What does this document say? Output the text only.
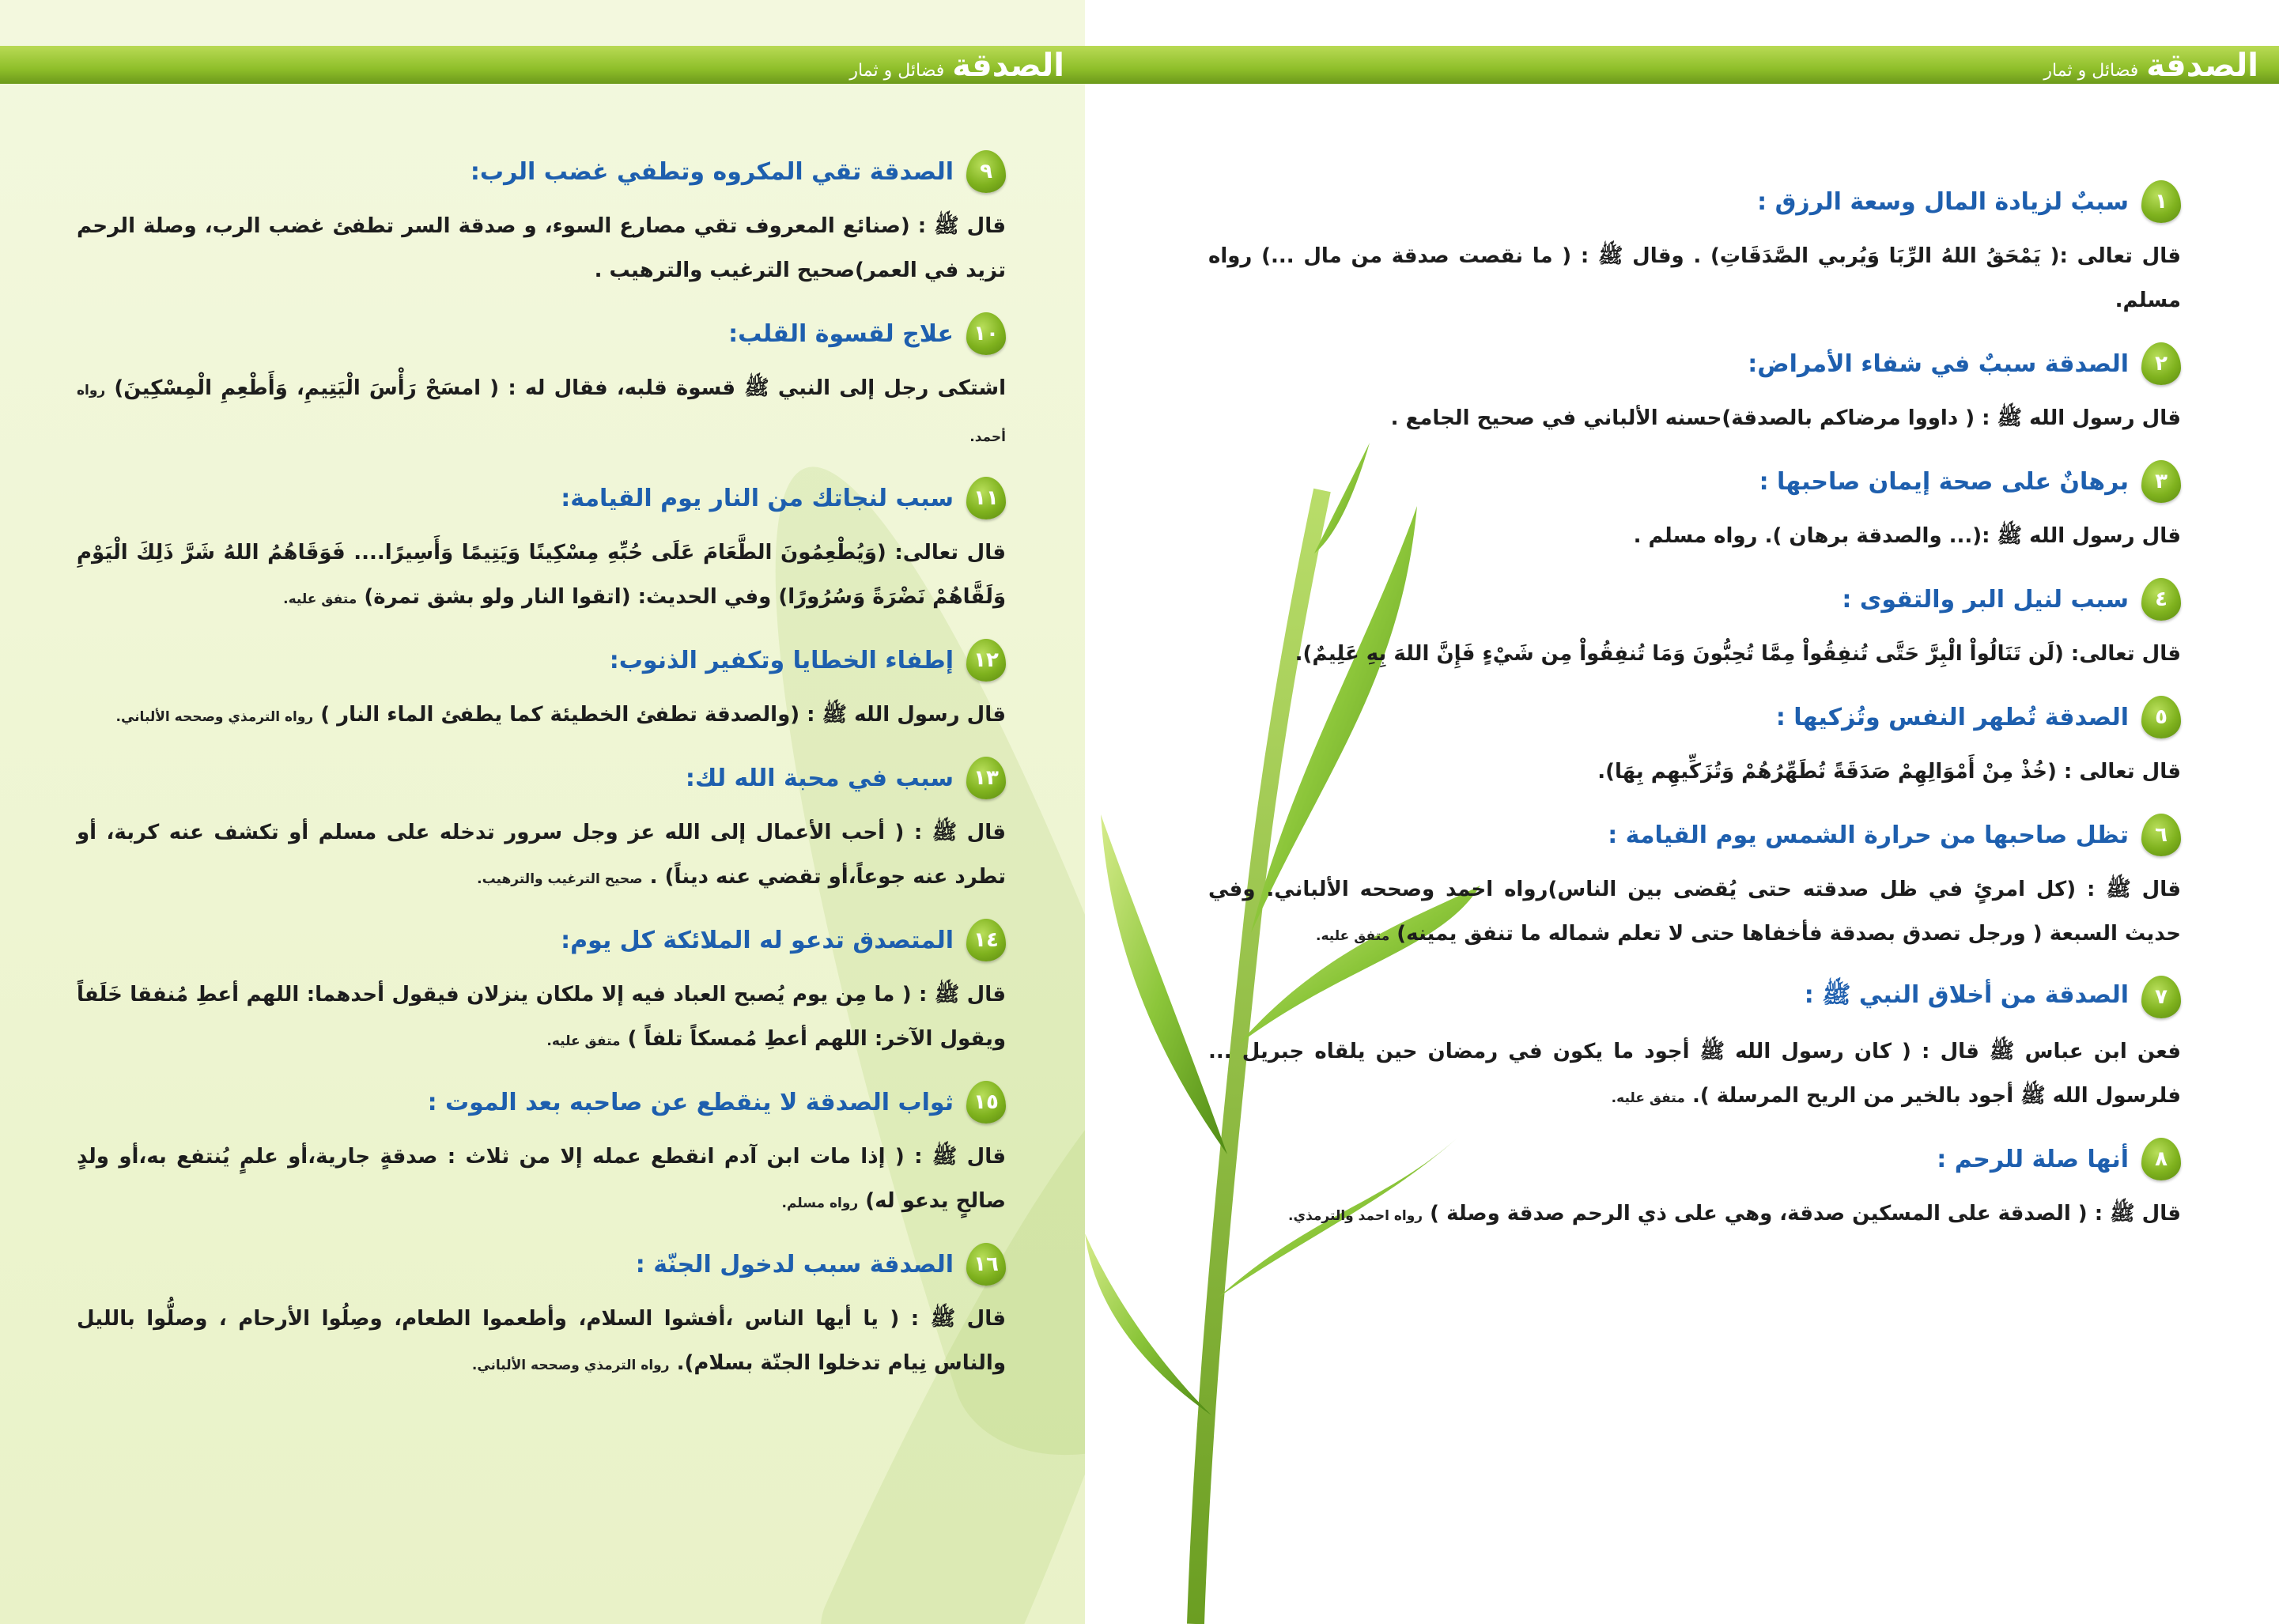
الصدقةفضائل و ثمار
٩
الصدقة تقي المكروه وتطفي غضب الرب:
قال ﷺ : (صنائع المعروف تقي مصارع السوء، و صدقة السر تطفئ غضب الرب، وصلة الرحم تزيد في العمر)صحيح الترغيب والترهيب .
١٠
علاج لقسوة القلب:
اشتكى رجل إلى النبي ﷺ قسوة قلبه، فقال له : ( امسَحْ رَأْسَ الْيَتِيمِ، وَأَطْعِمِ الْمِسْكِينَ) رواه أحمد.
١١
سبب لنجاتك من النار يوم القيامة:
قال تعالى: (وَيُطْعِمُونَ الطَّعَامَ عَلَى حُبِّهِ مِسْكِينًا وَيَتِيمًا وَأَسِيرًا.... فَوَقَاهُمُ اللهُ شَرَّ ذَلِكَ الْيَوْمِ وَلَقَّاهُمْ نَضْرَةً وَسُرُورًا) وفي الحديث: (اتقوا النار ولو بشق تمرة) متفق عليه.
١٢
إطفاء الخطايا وتكفير الذنوب:
قال رسول الله ﷺ : (والصدقة تطفئ الخطيئة كما يطفئ الماء النار ) رواه الترمذي وصححه الألباني.
١٣
سبب في محبة الله لك:
قال ﷺ : ( أحب الأعمال إلى الله عز وجل سرور تدخله على مسلم أو تكشف عنه كربة، أو تطرد عنه جوعاً،أو تقضي عنه ديناً) . صحيح الترغيب والترهيب.
١٤
المتصدق تدعو له الملائكة كل يوم:
قال ﷺ : ( ما مِن يوم يُصبح العباد فيه إلا ملكان ينزلان فيقول أحدهما: اللهم أعطِ مُنفقا خَلَفاً ويقول الآخر: اللهم أعطِ مُمسكاً تلفاً ) متفق عليه.
١٥
ثواب الصدقة لا ينقطع عن صاحبه بعد الموت :
قال ﷺ : ( إذا مات ابن آدم انقطع عمله إلا من ثلاث : صدقةٍ جارية،أو علمٍ يُنتفع به،أو ولدٍ صالحٍ يدعو له) رواه مسلم.
١٦
الصدقة سبب لدخول الجنّة :
قال ﷺ : ( يا أيها الناس ،أفشوا السلام، وأطعموا الطعام، وصِلُوا الأرحام ، وصلُّوا بالليل والناس نِيام تدخلوا الجنّة بسلام). رواه الترمذي وصححه الألباني.
الصدقةفضائل و ثمار
١
سببٌ لزيادة المال وسعة الرزق :
قال تعالى :( يَمْحَقُ اللهُ الرِّبَا وَيُربي الصَّدَقَاتِ) . وقال ﷺ : ( ما نقصت صدقة من مال ...) رواه مسلم.
٢
الصدقة سببٌ في شفاء الأمراض:
قال رسول الله ﷺ : ( داووا مرضاكم بالصدقة)حسنه الألباني في صحيح الجامع .
٣
برهانٌ على صحة إيمان صاحبها :
قال رسول الله ﷺ :(... والصدقة برهان ). رواه مسلم .
٤
سبب لنيل البر والتقوى :
قال تعالى: (لَن تَنَالُواْ الْبِرَّ حَتَّى تُنفِقُواْ مِمَّا تُحِبُّونَ وَمَا تُنفِقُواْ مِن شَيْءٍ فَإِنَّ اللهَ بِهِ عَلِيمٌ).
٥
الصدقة تُطهر النفس وتُزكيها :
قال تعالى : (خُذْ مِنْ أَمْوَالِهِمْ صَدَقَةً تُطَهِّرُهُمْ وَتُزَكِّيهِم بِهَا).
٦
تظل صاحبها من حرارة الشمس يوم القيامة :
قال ﷺ : (كل امرئٍ في ظل صدقته حتى يُقضى بين الناس)رواه احمد وصححه الألباني. وفي حديث السبعة ( ورجل تصدق بصدقة فأخفاها حتى لا تعلم شماله ما تنفق يمينه) متفق عليه.
٧
الصدقة من أخلاق النبي ﷺ :
فعن ابن عباس ﷺ قال : ( كان رسول الله ﷺ أجود ما يكون في رمضان حين يلقاه جبريل ... فلرسول الله ﷺ أجود بالخير من الريح المرسلة ). متفق عليه.
٨
أنها صلة للرحم :
قال ﷺ : ( الصدقة على المسكين صدقة، وهي على ذي الرحم صدقة وصلة ) رواه احمد والترمذي.
